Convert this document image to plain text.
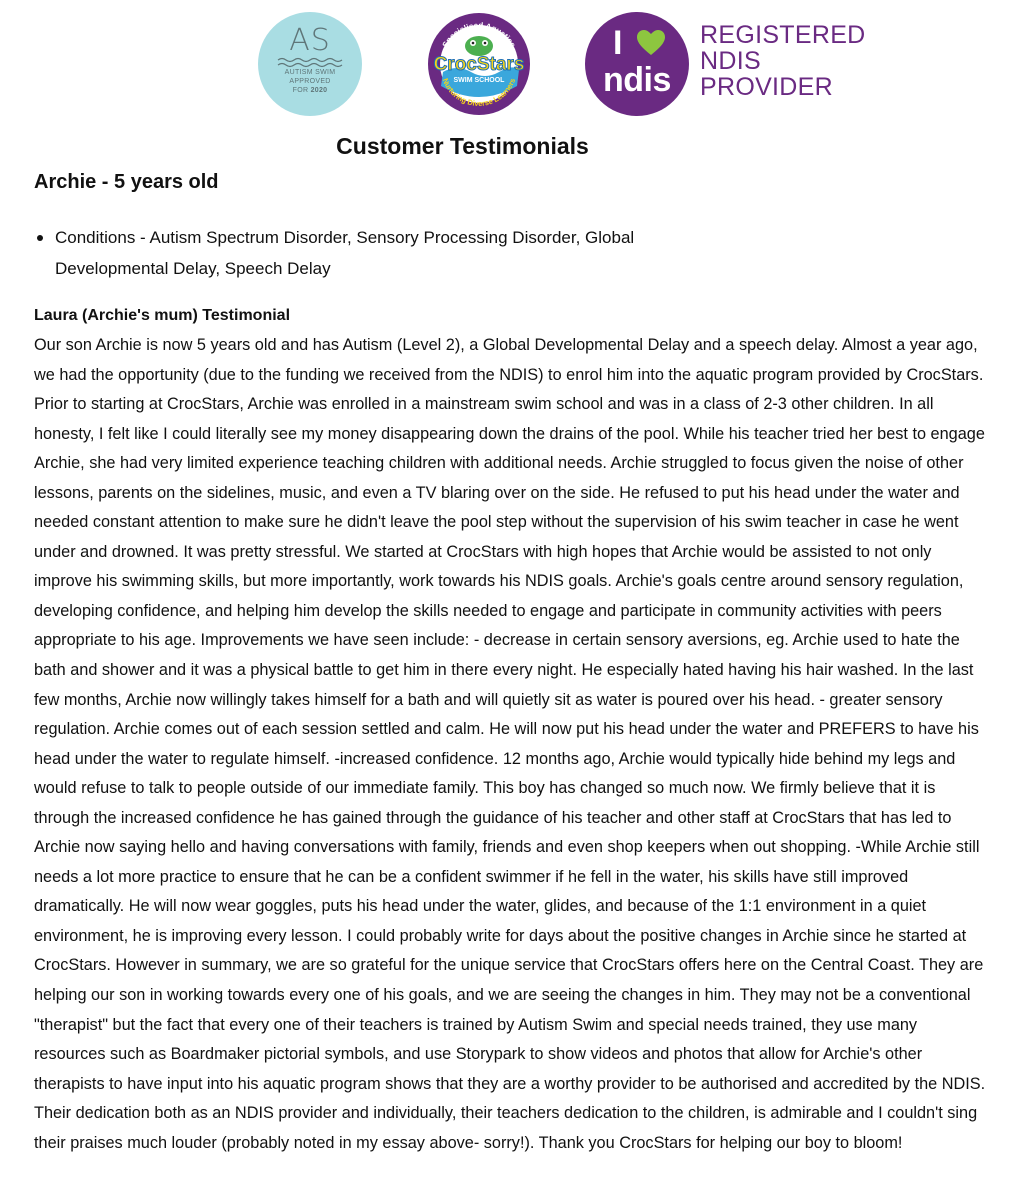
AS
AUTISM SWIM
APPROVED
FOR 2020
Specialised Aquatics
CrocStars
SWIM SCHOOL
Nurturing Diverse Learners
I
ndis
REGISTERED
NDIS
PROVIDER
Customer Testimonials
Archie - 5 years old
Conditions - Autism Spectrum Disorder, Sensory Processing Disorder, Global Developmental Delay, Speech Delay
Laura (Archie's mum) Testimonial

Our son Archie is now 5 years old and has Autism (Level 2), a Global Developmental Delay and a speech delay. Almost a year ago, we had the opportunity (due to the funding we received from the NDIS) to enrol him into the aquatic program provided by CrocStars. Prior to starting at CrocStars, Archie was enrolled in a mainstream swim school and was in a class of 2-3 other children. In all honesty, I felt like I could literally see my money disappearing down the drains of the pool. While his teacher tried her best to engage Archie, she had very limited experience teaching children with additional needs. Archie struggled to focus given the noise of other lessons, parents on the sidelines, music, and even a TV blaring over on the side. He refused to put his head under the water and needed constant attention to make sure he didn't leave the pool step without the supervision of his swim teacher in case he went under and drowned. It was pretty stressful. We started at CrocStars with high hopes that Archie would be assisted to not only improve his swimming skills, but more importantly, work towards his NDIS goals. Archie's goals centre around sensory regulation, developing confidence, and helping him develop the skills needed to engage and participate in community activities with peers appropriate to his age. Improvements we have seen include: - decrease in certain sensory aversions, eg. Archie used to hate the bath and shower and it was a physical battle to get him in there every night. He especially hated having his hair washed. In the last few months, Archie now willingly takes himself for a bath and will quietly sit as water is poured over his head. - greater sensory regulation. Archie comes out of each session settled and calm. He will now put his head under the water and PREFERS to have his head under the water to regulate himself. -increased confidence. 12 months ago, Archie would typically hide behind my legs and would refuse to talk to people outside of our immediate family. This boy has changed so much now. We firmly believe that it is through the increased confidence he has gained through the guidance of his teacher and other staff at CrocStars that has led to Archie now saying hello and having conversations with family, friends and even shop keepers when out shopping. -While Archie still needs a lot more practice to ensure that he can be a confident swimmer if he fell in the water, his skills have still improved dramatically. He will now wear goggles, puts his head under the water, glides, and because of the 1:1 environment in a quiet environment, he is improving every lesson. I could probably write for days about the positive changes in Archie since he started at CrocStars. However in summary, we are so grateful for the unique service that CrocStars offers here on the Central Coast. They are helping our son in working towards every one of his goals, and we are seeing the changes in him. They may not be a conventional "therapist" but the fact that every one of their teachers is trained by Autism Swim and special needs trained, they use many resources such as Boardmaker pictorial symbols, and use Storypark to show videos and photos that allow for Archie's other therapists to have input into his aquatic program shows that they are a worthy provider to be authorised and accredited by the NDIS. Their dedication both as an NDIS provider and individually, their teachers dedication to the children, is admirable and I couldn't sing their praises much louder (probably noted in my essay above- sorry!). Thank you CrocStars for helping our boy to bloom!
